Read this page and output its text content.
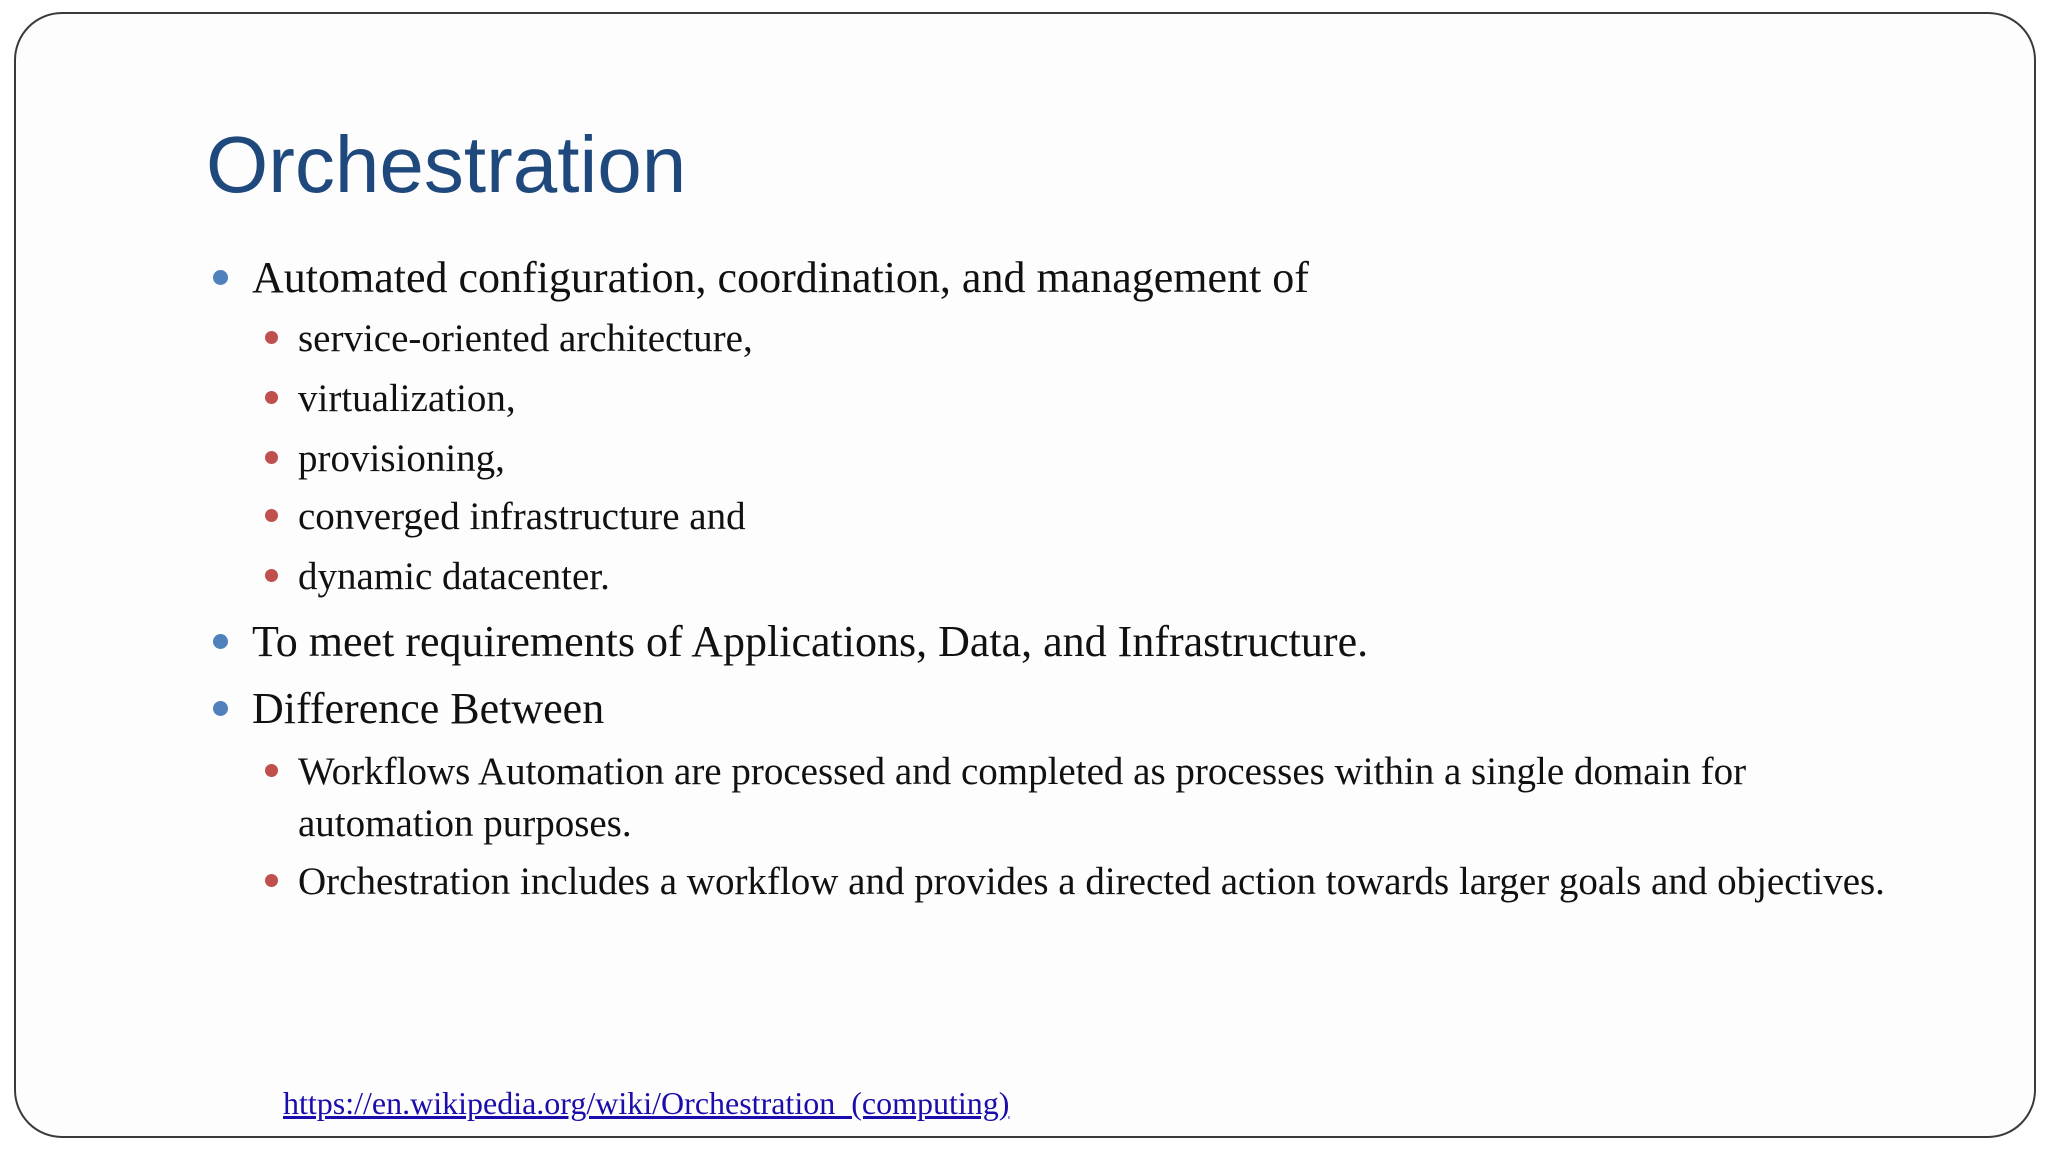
Orchestration
Automated configuration, coordination, and management of
service-oriented architecture,
virtualization,
provisioning,
converged infrastructure and
dynamic datacenter.
To meet requirements of Applications, Data, and Infrastructure.
Difference Between
Workflows Automation are processed and completed as processes within a single domain for automation purposes.
Orchestration includes a workflow and provides a directed action towards larger goals and objectives.
https://en.wikipedia.org/wiki/Orchestration_(computing)
